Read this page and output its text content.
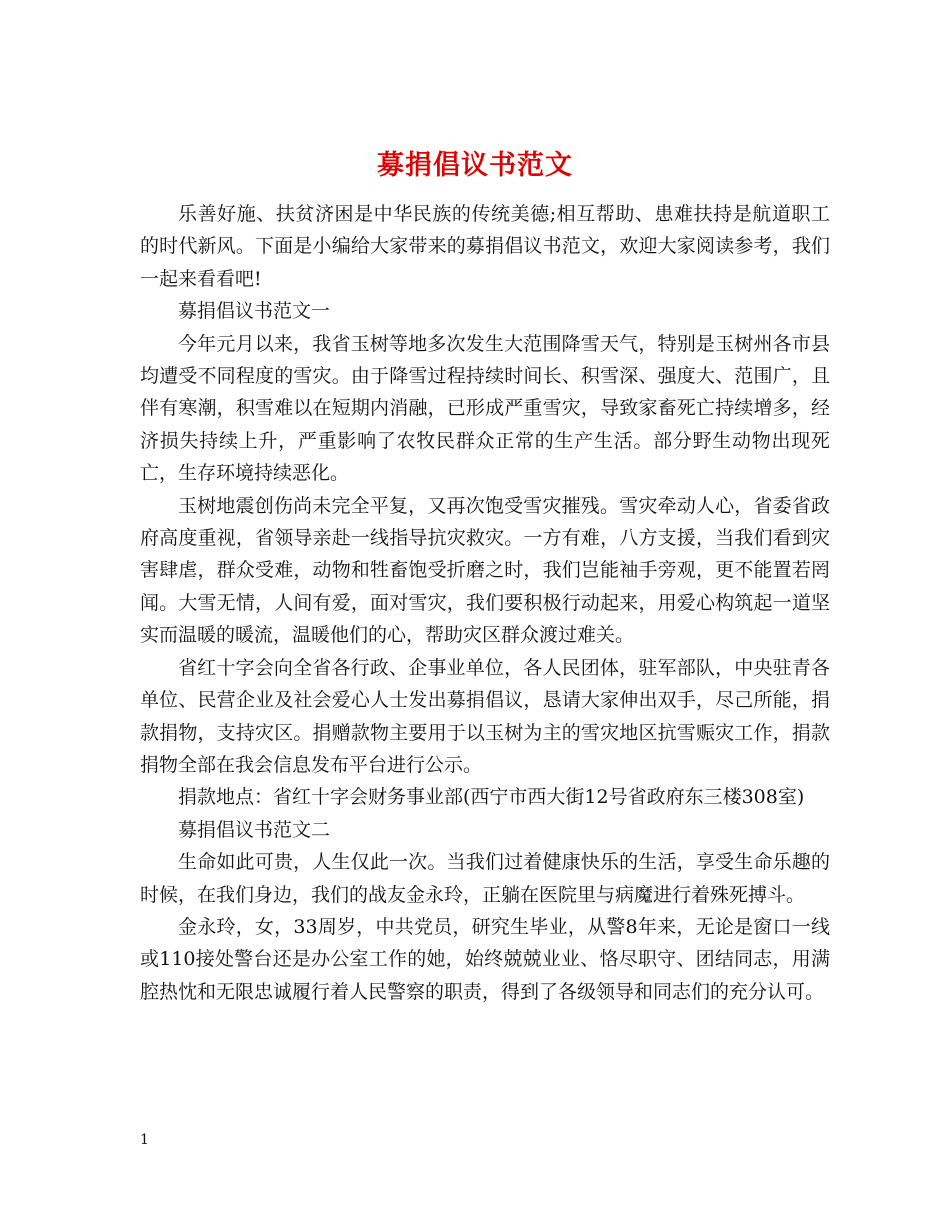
募捐倡议书范文

乐善好施、扶贫济困是中华民族的传统美德;相互帮助、患难扶持是航道职工的时代新风。下面是小编给大家带来的募捐倡议书范文，欢迎大家阅读参考，我们一起来看看吧!

募捐倡议书范文一

今年元月以来，我省玉树等地多次发生大范围降雪天气，特别是玉树州各市县均遭受不同程度的雪灾。由于降雪过程持续时间长、积雪深、强度大、范围广，且伴有寒潮，积雪难以在短期内消融，已形成严重雪灾，导致家畜死亡持续增多，经济损失持续上升，严重影响了农牧民群众正常的生产生活。部分野生动物出现死亡，生存环境持续恶化。

玉树地震创伤尚未完全平复，又再次饱受雪灾摧残。雪灾牵动人心，省委省政府高度重视，省领导亲赴一线指导抗灾救灾。一方有难，八方支援，当我们看到灾害肆虐，群众受难，动物和牲畜饱受折磨之时，我们岂能袖手旁观，更不能置若罔闻。大雪无情，人间有爱，面对雪灾，我们要积极行动起来，用爱心构筑起一道坚实而温暖的暖流，温暖他们的心，帮助灾区群众渡过难关。

省红十字会向全省各行政、企事业单位，各人民团体，驻军部队，中央驻青各单位、民营企业及社会爱心人士发出募捐倡议，恳请大家伸出双手，尽己所能，捐款捐物，支持灾区。捐赠款物主要用于以玉树为主的雪灾地区抗雪赈灾工作，捐款捐物全部在我会信息发布平台进行公示。

捐款地点：省红十字会财务事业部(西宁市西大街12号省政府东三楼308室)

募捐倡议书范文二

生命如此可贵，人生仅此一次。当我们过着健康快乐的生活，享受生命乐趣的时候，在我们身边，我们的战友金永玲，正躺在医院里与病魔进行着殊死搏斗。

金永玲，女，33周岁，中共党员，研究生毕业，从警8年来，无论是窗口一线或110接处警台还是办公室工作的她，始终兢兢业业、恪尽职守、团结同志，用满腔热忱和无限忠诚履行着人民警察的职责，得到了各级领导和同志们的充分认可。

1
